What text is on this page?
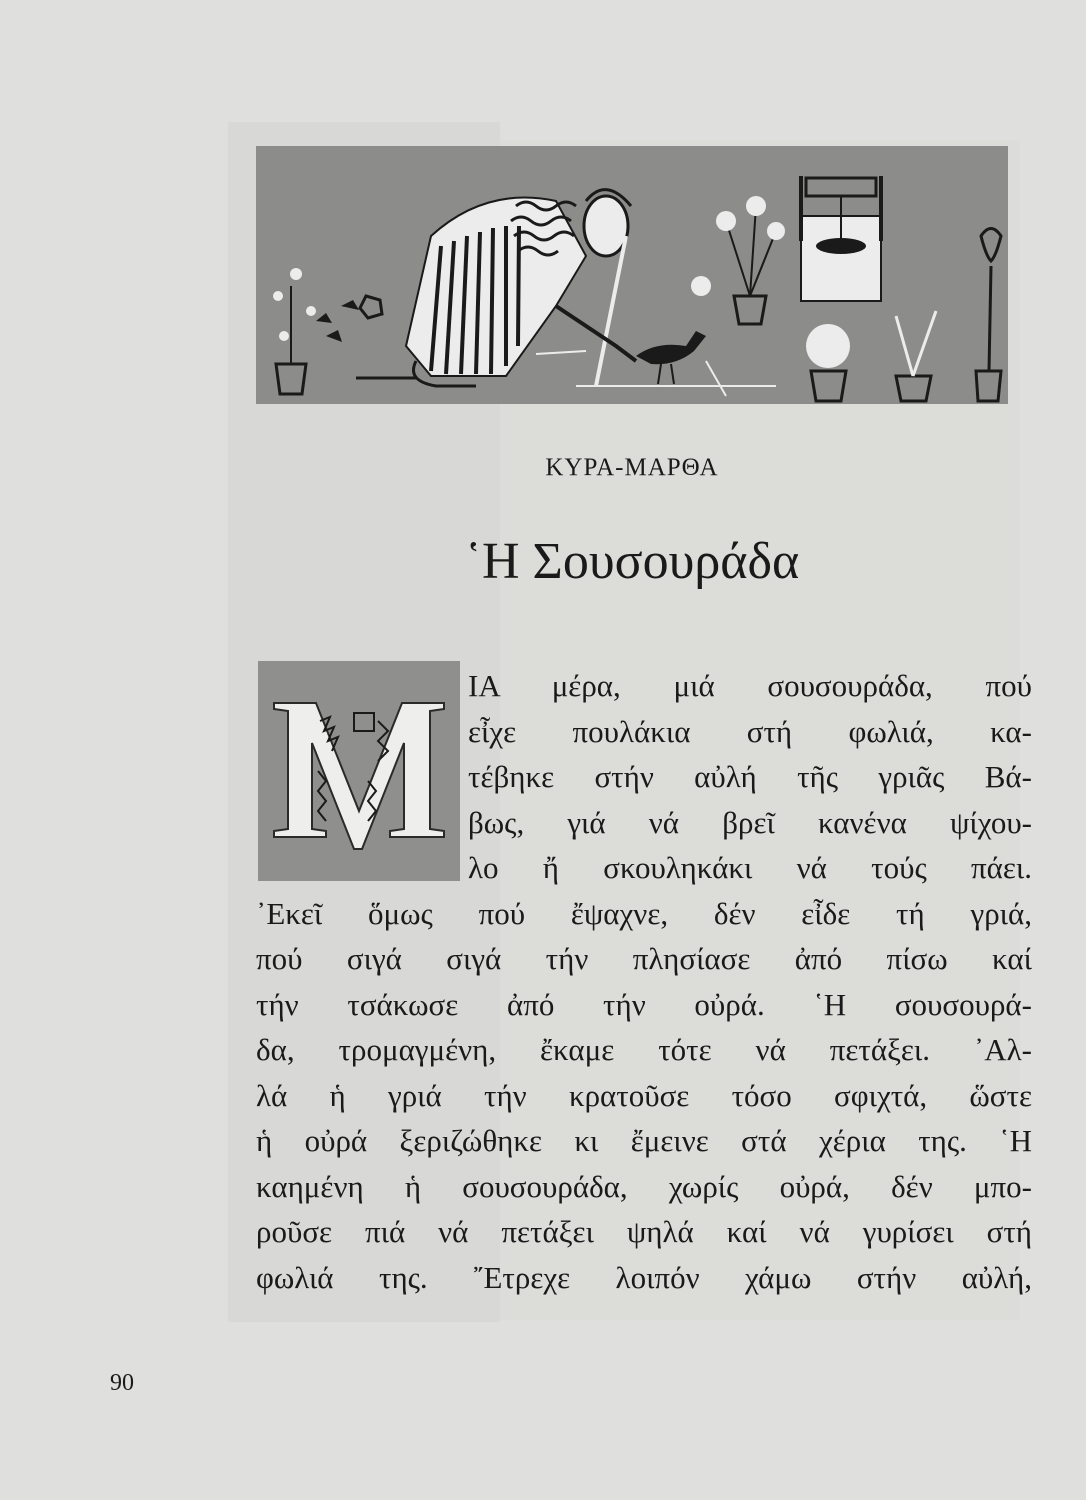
ΚΥΡΑ-ΜΑΡΘΑ
῾Η Σουσουράδα
ΙΑ μέρα, μιά σουσουράδα, πού
εἶχε πουλάκια στή φωλιά, κα-
τέβηκε στήν αὐλή τῆς γριᾶς Βά-
βως, γιά νά βρεῖ κανένα ψίχου-
λο ἤ σκουληκάκι νά τούς πάει.
᾿Εκεῖ ὅμως πού ἔψαχνε, δέν εἶδε τή γριά,
πού σιγά σιγά τήν πλησίασε ἀπό πίσω καί
τήν τσάκωσε ἀπό τήν οὐρά. ῾Η σουσουρά-
δα, τρομαγμένη, ἔκαμε τότε νά πετάξει. ᾿Αλ-
λά ἡ γριά τήν κρατοῦσε τόσο σφιχτά, ὥστε
ἡ οὐρά ξεριζώθηκε κι ἔμεινε στά χέρια της. ῾Η
καημένη ἡ σουσουράδα, χωρίς οὐρά, δέν μπο-
ροῦσε πιά νά πετάξει ψηλά καί νά γυρίσει στή
φωλιά της. ῎Ετρεχε λοιπόν χάμω στήν αὐλή,
90
